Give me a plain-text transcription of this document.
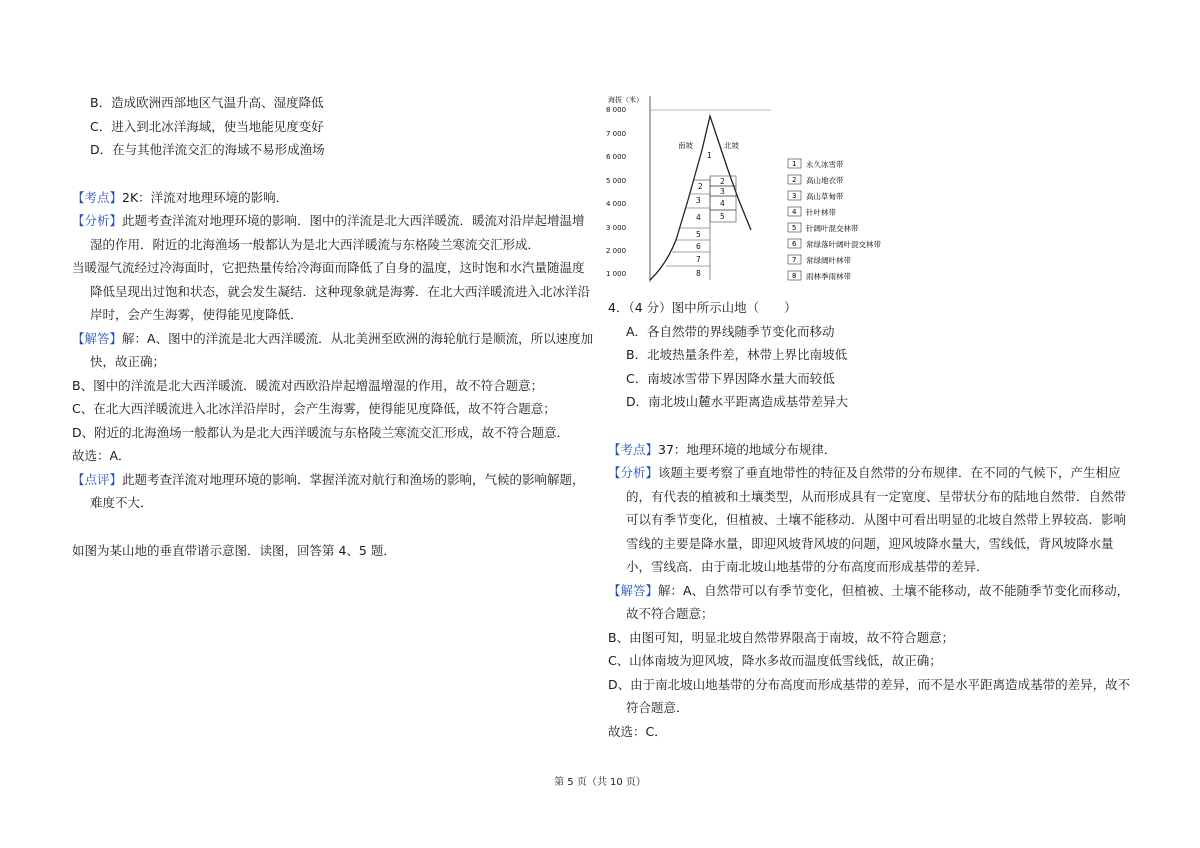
B．造成欧洲西部地区气温升高、湿度降低

C．进入到北冰洋海域，使当地能见度变好

D．在与其他洋流交汇的海域不易形成渔场

【考点】2K：洋流对地理环境的影响．

【分析】此题考查洋流对地理环境的影响．图中的洋流是北大西洋暖流．暖流对沿岸起增温增湿的作用．附近的北海渔场一般都认为是北大西洋暖流与东格陵兰寒流交汇形成．

当暖湿气流经过冷海面时，它把热量传给冷海面而降低了自身的温度，这时饱和水汽量随温度降低呈现出过饱和状态，就会发生凝结．这种现象就是海雾．在北大西洋暖流进入北冰洋沿岸时，会产生海雾，使得能见度降低．

【解答】解：A、图中的洋流是北大西洋暖流．从北美洲至欧洲的海轮航行是顺流，所以速度加快，故正确；

B、图中的洋流是北大西洋暖流．暖流对西欧沿岸起增温增湿的作用，故不符合题意；

C、在北大西洋暖流进入北冰洋沿岸时，会产生海雾，使得能见度降低，故不符合题意；

D、附近的北海渔场一般都认为是北大西洋暖流与东格陵兰寒流交汇形成，故不符合题意．

故选：A．

【点评】此题考查洋流对地理环境的影响．掌握洋流对航行和渔场的影响，气候的影响解题，难度不大．

如图为某山地的垂直带谱示意图．读图，回答第 4、5 题．

海拔（米）
8 000
7 000
6 000
5 000
4 000
3 000
2 000
1 000
南坡	北坡
1
2
3
4
5
6
7
8
2
3
4
5
1 永久冰雪带
2 高山地衣带
3 高山草甸带
4 针叶林带
5 针阔叶混交林带
6 常绿落叶阔叶混交林带
7 常绿阔叶林带
8 雨林季雨林带

4．（4 分）图中所示山地（　　）

A．各自然带的界线随季节变化而移动

B．北坡热量条件差，林带上界比南坡低

C．南坡冰雪带下界因降水量大而较低

D．南北坡山麓水平距离造成基带差异大

【考点】37：地理环境的地域分布规律．

【分析】该题主要考察了垂直地带性的特征及自然带的分布规律．在不同的气候下，产生相应的，有代表的植被和土壤类型，从而形成具有一定宽度、呈带状分布的陆地自然带．自然带可以有季节变化，但植被、土壤不能移动．从图中可看出明显的北坡自然带上界较高．影响雪线的主要是降水量，即迎风坡背风坡的问题，迎风坡降水量大，雪线低，背风坡降水量小，雪线高．由于南北坡山地基带的分布高度而形成基带的差异．

【解答】解：A、自然带可以有季节变化，但植被、土壤不能移动，故不能随季节变化而移动，故不符合题意；

B、由图可知，明显北坡自然带界限高于南坡，故不符合题意；

C、山体南坡为迎风坡，降水多故而温度低雪线低，故正确；

D、由于南北坡山地基带的分布高度而形成基带的差异，而不是水平距离造成基带的差异，故不符合题意．

故选：C．

第 5 页（共 10 页）
